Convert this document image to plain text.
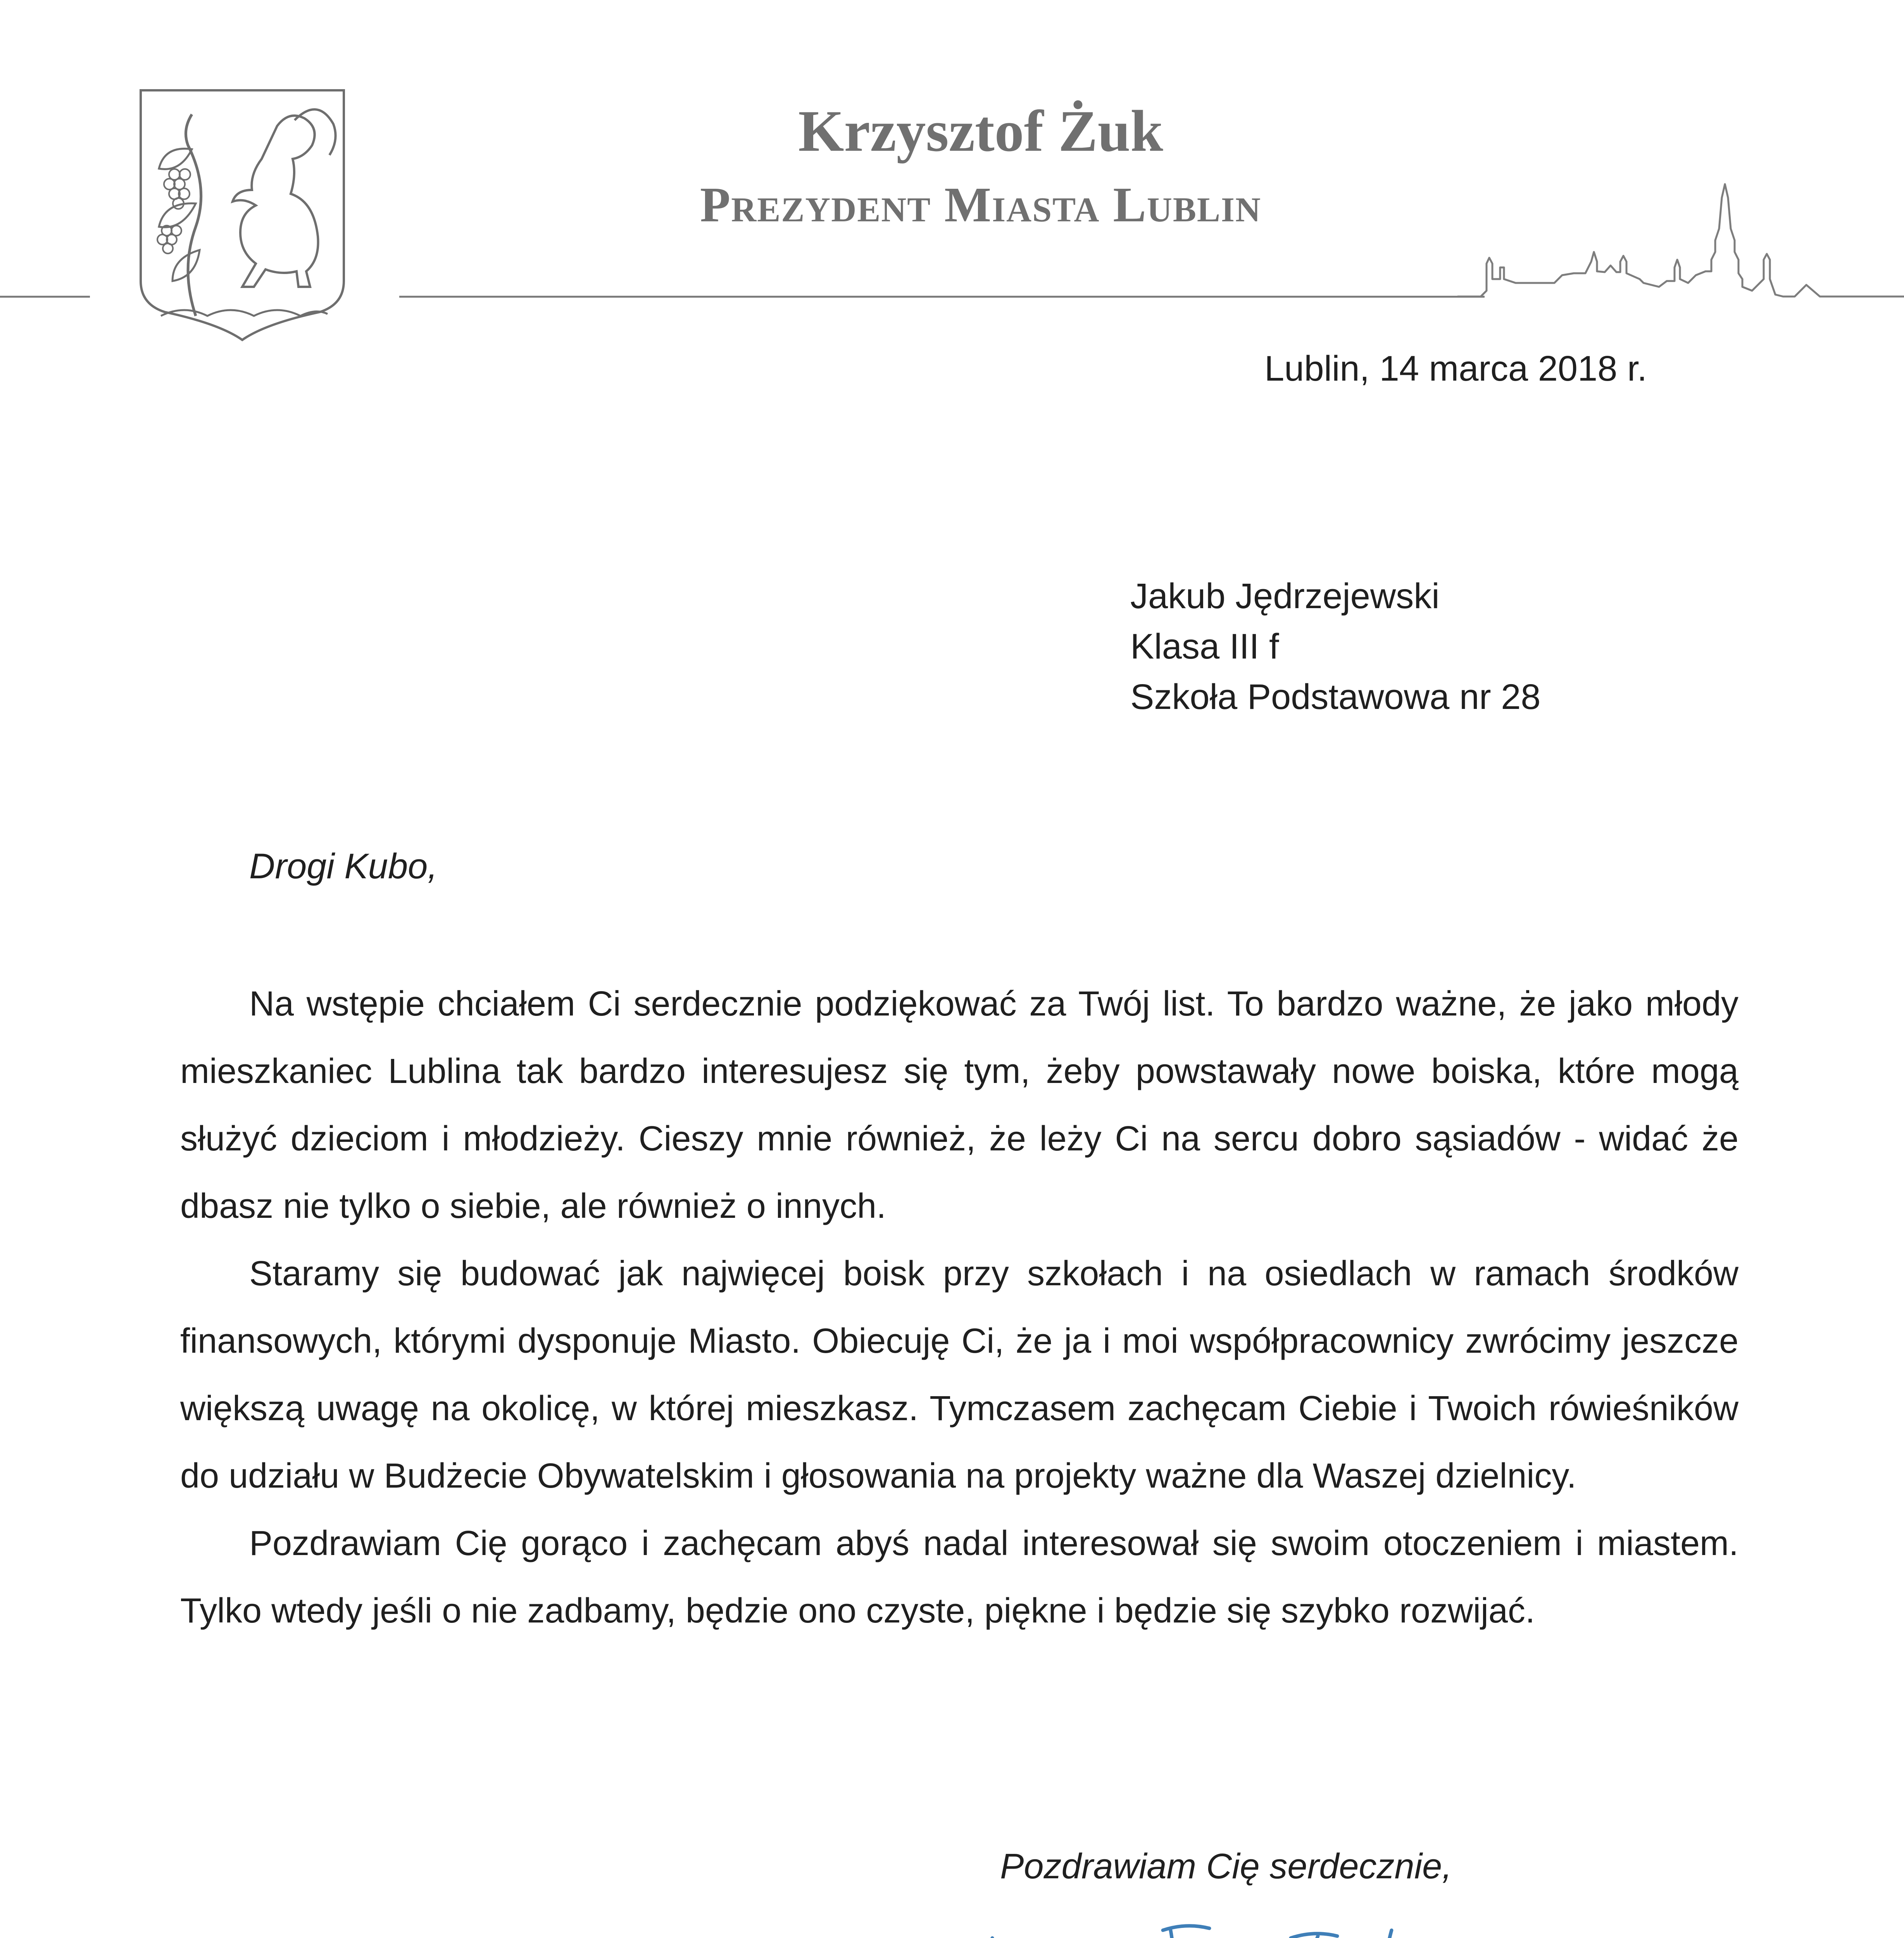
Krzysztof Żuk
Prezydent Miasta Lublin
Lublin, 14 marca 2018 r.
Jakub Jędrzejewski
Klasa III f
Szkoła Podstawowa nr 28
Drogi Kubo,

Na wstępie chciałem Ci serdecznie podziękować za Twój list. To bardzo ważne, że jako młody mieszkaniec Lublina tak bardzo interesujesz się tym, żeby powstawały nowe boiska, które mogą służyć dzieciom i młodzieży. Cieszy mnie również, że leży Ci na sercu dobro sąsiadów - widać że dbasz nie tylko o siebie, ale również o innych.

Staramy się budować jak najwięcej boisk przy szkołach i na osiedlach w ramach środków finansowych, którymi dysponuje Miasto. Obiecuję Ci, że ja i moi współpracownicy zwrócimy jeszcze większą uwagę na okolicę, w której mieszkasz. Tymczasem zachęcam Ciebie i Twoich rówieśników do udziału w Budżecie Obywatelskim i głosowania na projekty ważne dla Waszej dzielnicy.

Pozdrawiam Cię gorąco i zachęcam abyś nadal interesował się swoim otoczeniem i miastem. Tylko wtedy jeśli o nie zadbamy, będzie ono czyste, piękne i będzie się szybko rozwijać.

Pozdrawiam Cię serdecznie,
